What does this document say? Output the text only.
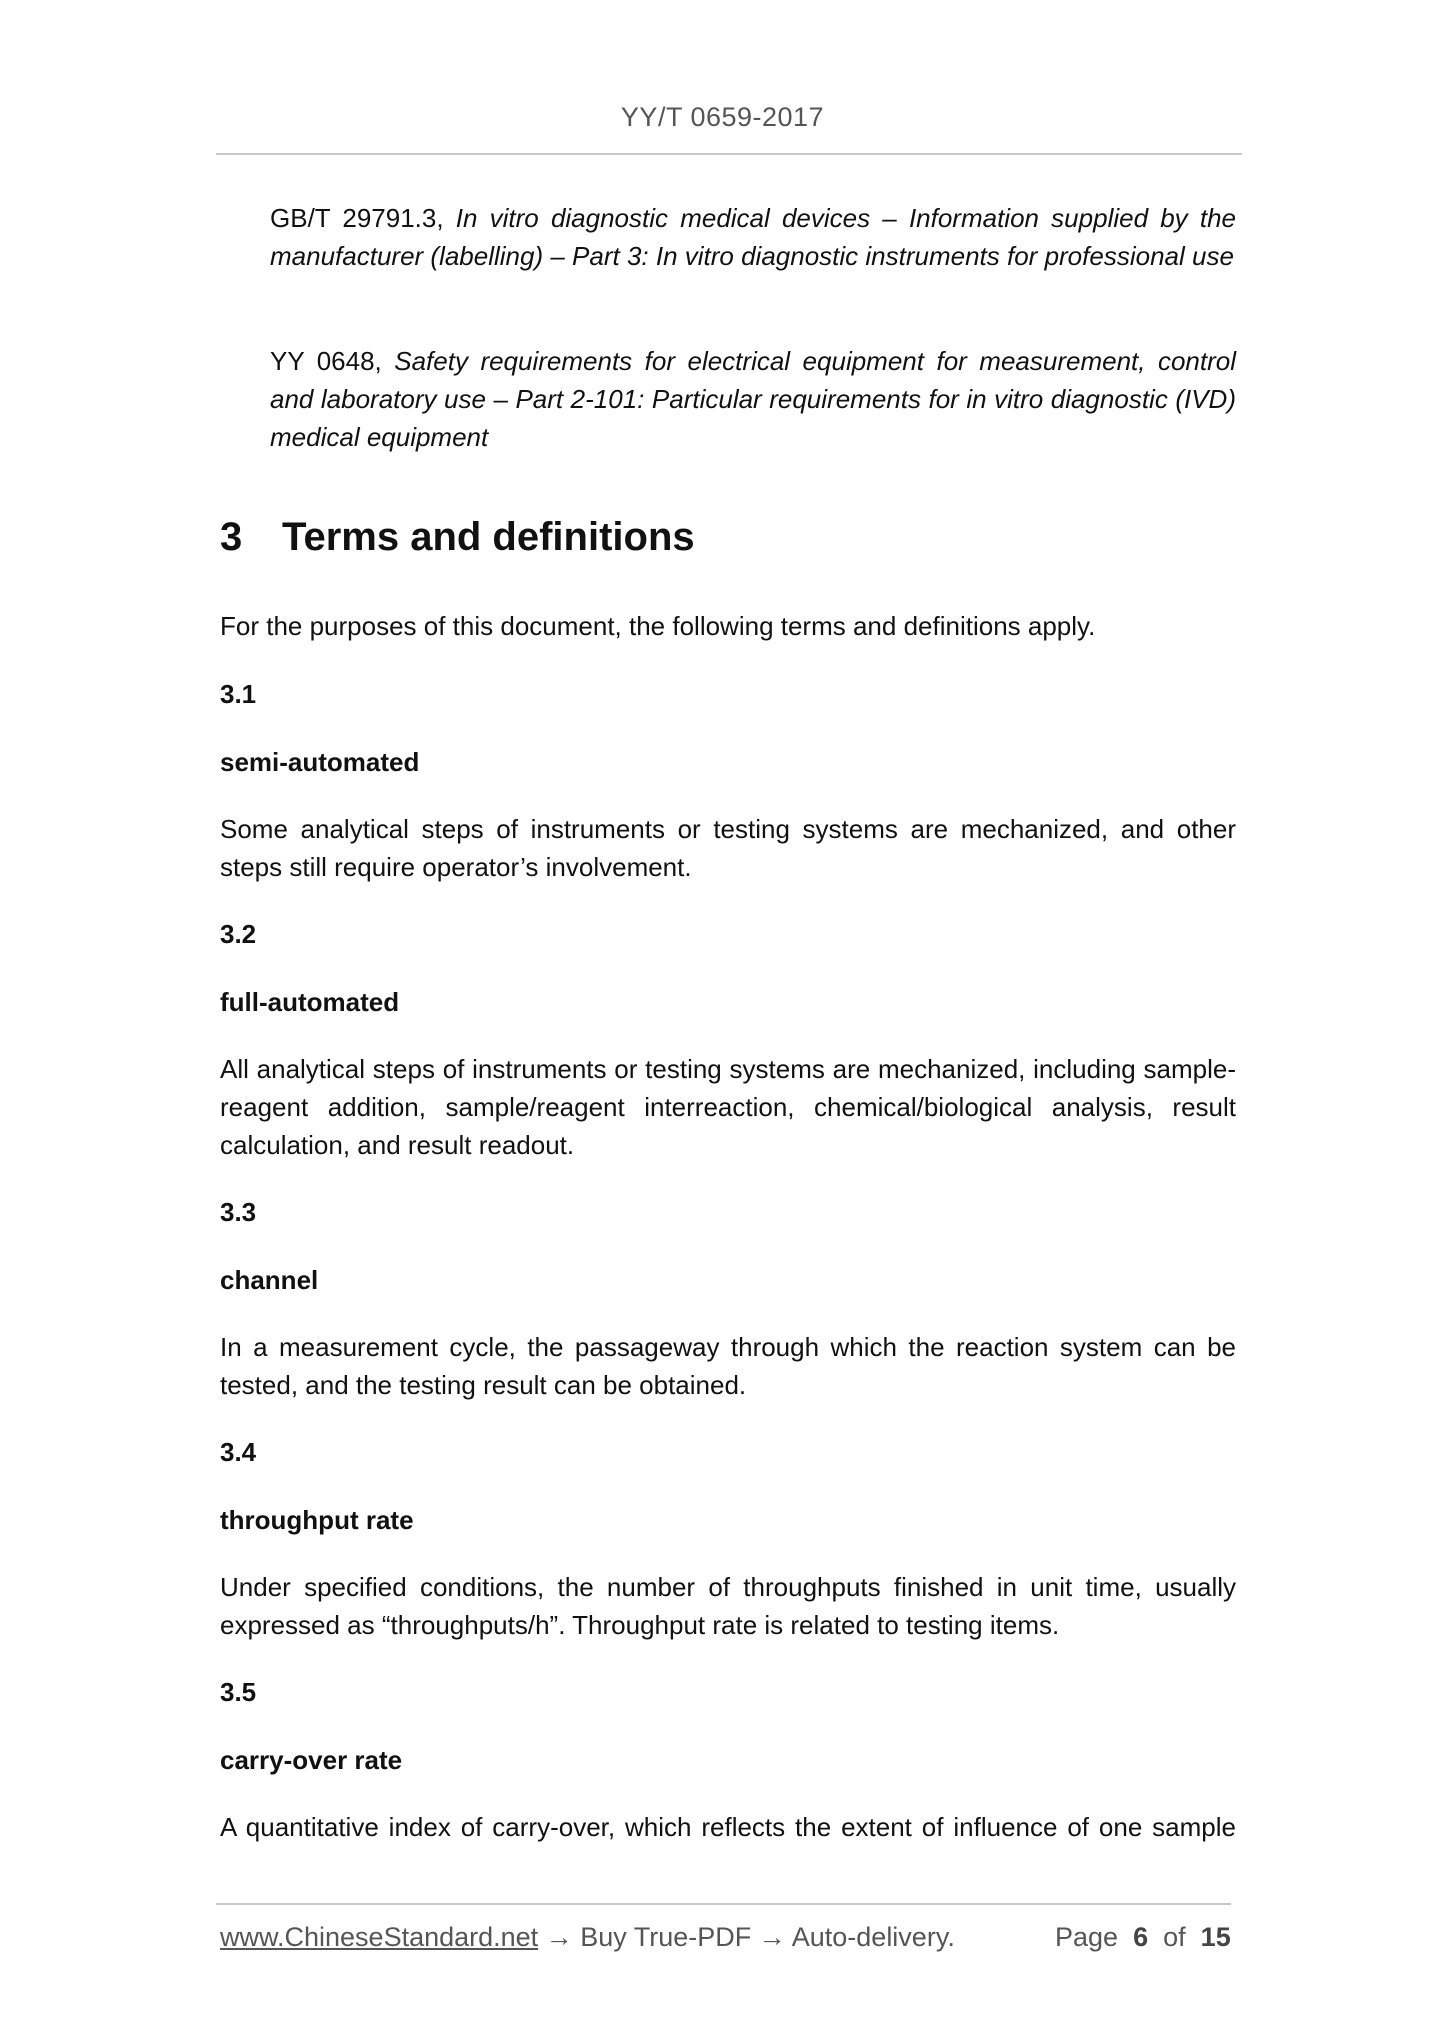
YY/T 0659-2017
GB/T 29791.3, In vitro diagnostic medical devices – Information supplied by the manufacturer (labelling) – Part 3: In vitro diagnostic instruments for professional use
YY 0648, Safety requirements for electrical equipment for measurement, control and laboratory use – Part 2-101: Particular requirements for in vitro diagnostic (IVD) medical equipment
3 Terms and definitions
For the purposes of this document, the following terms and definitions apply.
3.1
semi-automated
Some analytical steps of instruments or testing systems are mechanized, and other steps still require operator’s involvement.
3.2
full-automated
All analytical steps of instruments or testing systems are mechanized, including sample-reagent addition, sample/reagent interreaction, chemical/biological analysis, result calculation, and result readout.
3.3
channel
In a measurement cycle, the passageway through which the reaction system can be tested, and the testing result can be obtained.
3.4
throughput rate
Under specified conditions, the number of throughputs finished in unit time, usually expressed as “throughputs/h”. Throughput rate is related to testing items.
3.5
carry-over rate
A quantitative index of carry-over, which reflects the extent of influence of one sample
www.ChineseStandard.net → Buy True-PDF → Auto-delivery.	Page 6 of 15
